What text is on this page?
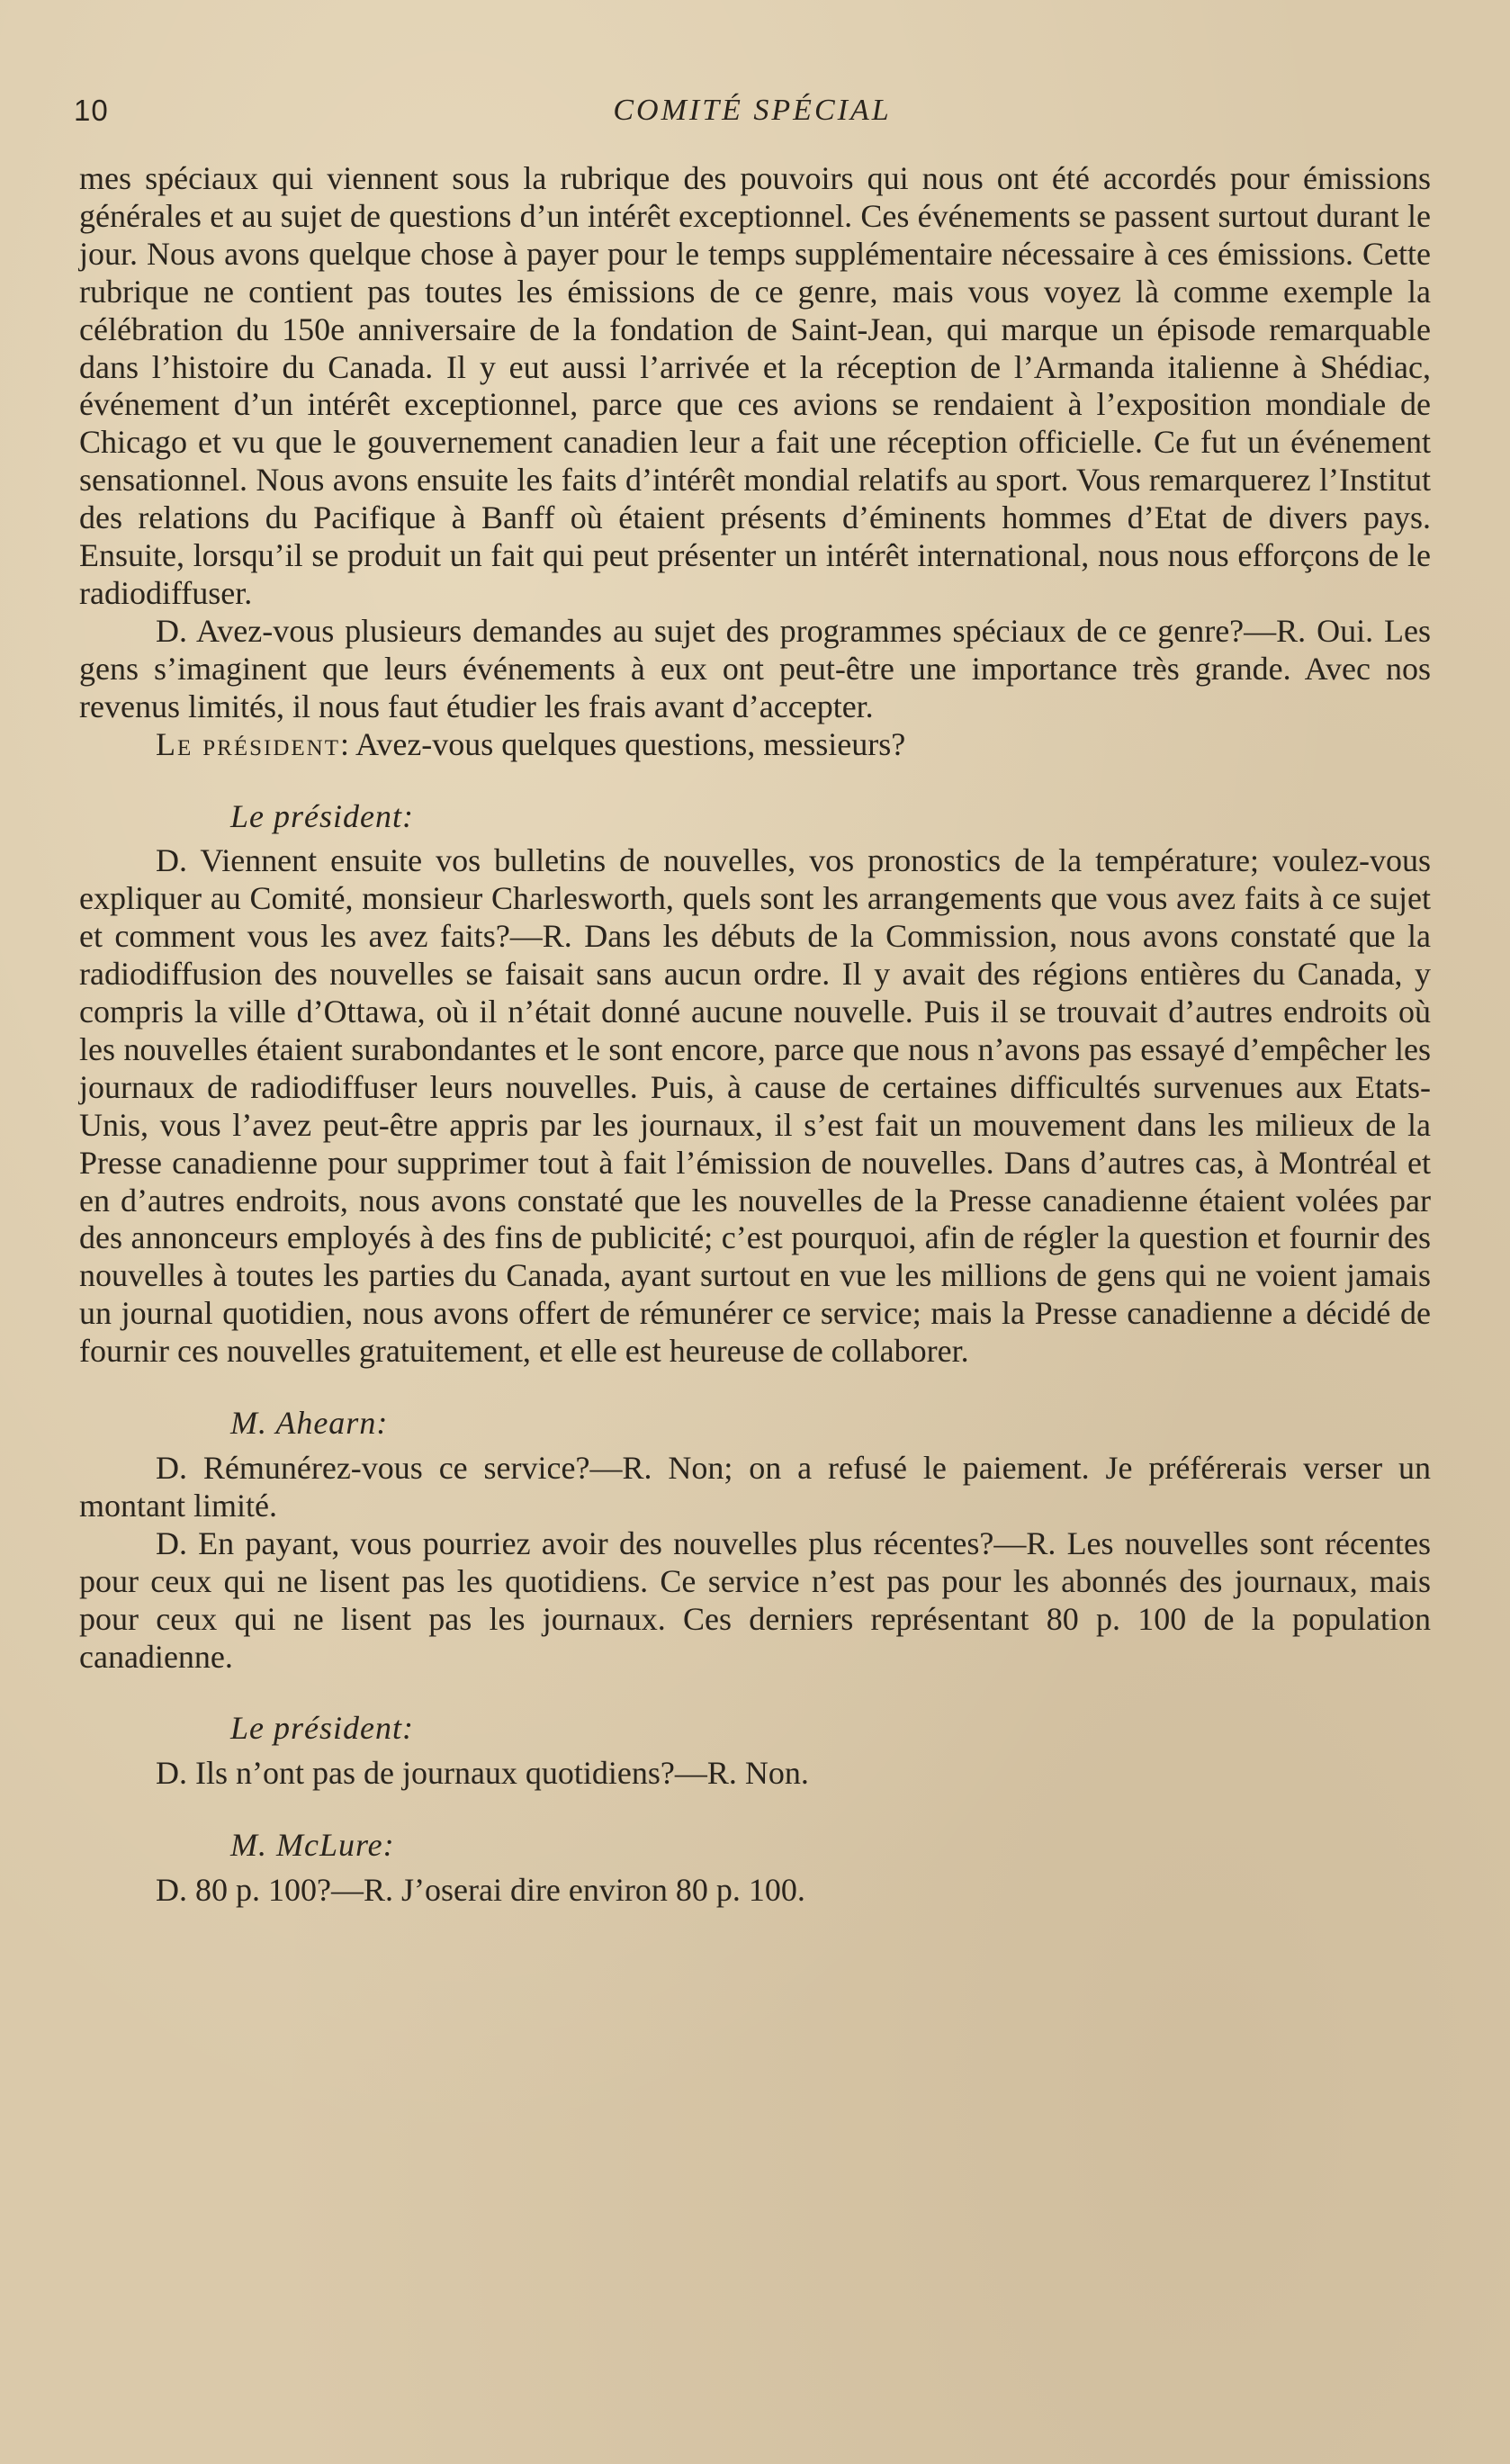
10	COMITÉ SPÉCIAL

mes spéciaux qui viennent sous la rubrique des pouvoirs qui nous ont été accordés pour émissions générales et au sujet de questions d’un intérêt exceptionnel. Ces événements se passent surtout durant le jour. Nous avons quelque chose à payer pour le temps supplémentaire nécessaire à ces émissions. Cette rubrique ne contient pas toutes les émissions de ce genre, mais vous voyez là comme exemple la célébration du 150e anniversaire de la fondation de Saint-Jean, qui marque un épisode remarquable dans l’histoire du Canada. Il y eut aussi l’arrivée et la réception de l’Armanda italienne à Shédiac, événement d’un intérêt exceptionnel, parce que ces avions se rendaient à l’exposition mondiale de Chicago et vu que le gouvernement canadien leur a fait une réception officielle. Ce fut un événement sensationnel. Nous avons ensuite les faits d’intérêt mondial relatifs au sport. Vous remarquerez l’Institut des relations du Pacifique à Banff où étaient présents d’éminents hommes d’Etat de divers pays. Ensuite, lorsqu’il se produit un fait qui peut présenter un intérêt international, nous nous efforçons de le radiodiffuser.

D. Avez-vous plusieurs demandes au sujet des programmes spéciaux de ce genre?—R. Oui. Les gens s’imaginent que leurs événements à eux ont peut-être une importance très grande. Avec nos revenus limités, il nous faut étudier les frais avant d’accepter.

Le président: Avez-vous quelques questions, messieurs?

Le président:

D. Viennent ensuite vos bulletins de nouvelles, vos pronostics de la température; voulez-vous expliquer au Comité, monsieur Charlesworth, quels sont les arrangements que vous avez faits à ce sujet et comment vous les avez faits?—R. Dans les débuts de la Commission, nous avons constaté que la radiodiffusion des nouvelles se faisait sans aucun ordre. Il y avait des régions entières du Canada, y compris la ville d’Ottawa, où il n’était donné aucune nouvelle. Puis il se trouvait d’autres endroits où les nouvelles étaient surabondantes et le sont encore, parce que nous n’avons pas essayé d’empêcher les journaux de radiodiffuser leurs nouvelles. Puis, à cause de certaines difficultés survenues aux Etats-Unis, vous l’avez peut-être appris par les journaux, il s’est fait un mouvement dans les milieux de la Presse canadienne pour supprimer tout à fait l’émission de nouvelles. Dans d’autres cas, à Montréal et en d’autres endroits, nous avons constaté que les nouvelles de la Presse canadienne étaient volées par des annonceurs employés à des fins de publicité; c’est pourquoi, afin de régler la question et fournir des nouvelles à toutes les parties du Canada, ayant surtout en vue les millions de gens qui ne voient jamais un journal quotidien, nous avons offert de rémunérer ce service; mais la Presse canadienne a décidé de fournir ces nouvelles gratuitement, et elle est heureuse de collaborer.

M. Ahearn:

D. Rémunérez-vous ce service?—R. Non; on a refusé le paiement. Je préférerais verser un montant limité.

D. En payant, vous pourriez avoir des nouvelles plus récentes?—R. Les nouvelles sont récentes pour ceux qui ne lisent pas les quotidiens. Ce service n’est pas pour les abonnés des journaux, mais pour ceux qui ne lisent pas les journaux. Ces derniers représentant 80 p. 100 de la population canadienne.

Le président:

D. Ils n’ont pas de journaux quotidiens?—R. Non.

M. McLure:

D. 80 p. 100?—R. J’oserai dire environ 80 p. 100.
